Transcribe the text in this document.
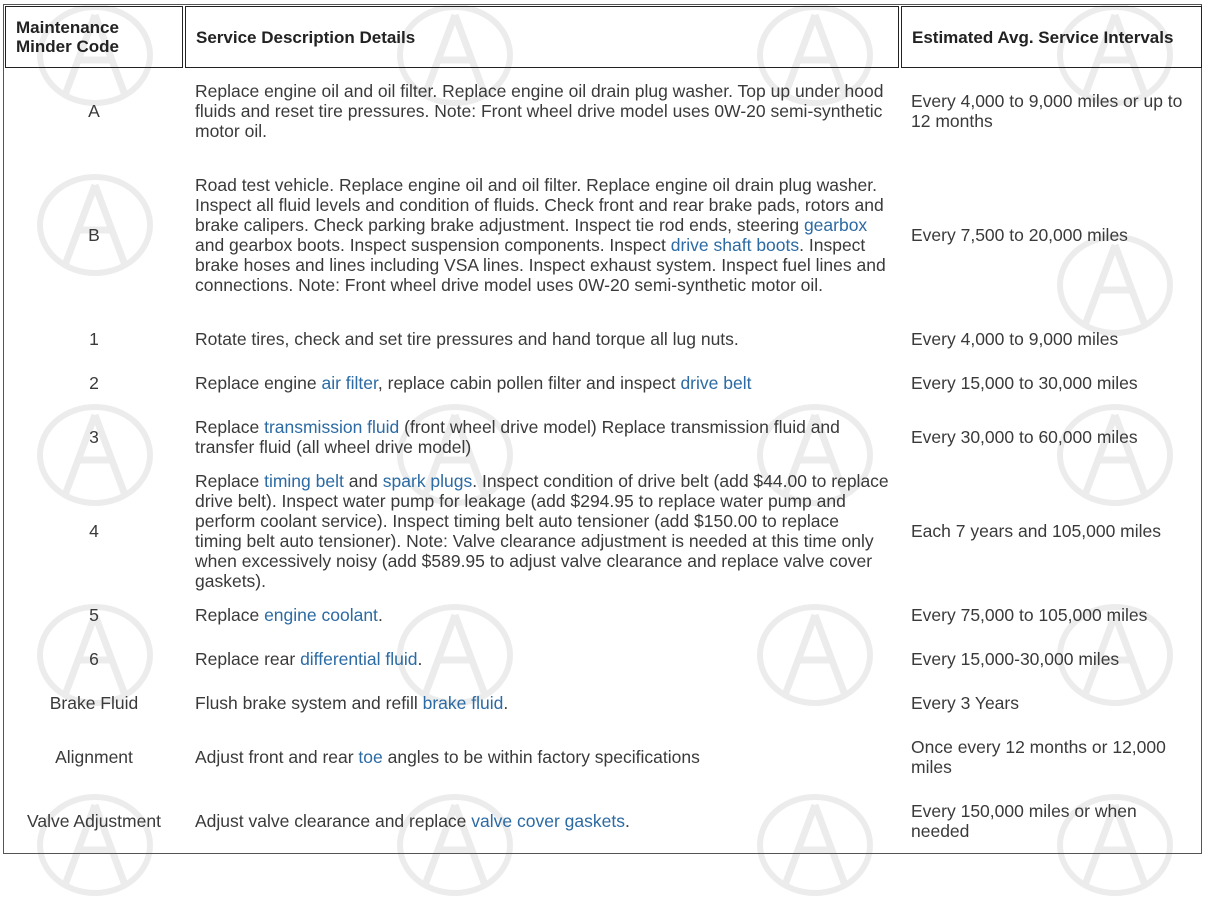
Maintenance Minder Code	Service Description Details	Estimated Avg. Service Intervals
A	Replace engine oil and oil filter. Replace engine oil drain plug washer. Top up under hood fluids and reset tire pressures. Note: Front wheel drive model uses 0W-20 semi-synthetic motor oil.	Every 4,000 to 9,000 miles or up to 12 months
B	Road test vehicle. Replace engine oil and oil filter. Replace engine oil drain plug washer. Inspect all fluid levels and condition of fluids. Check front and rear brake pads, rotors and brake calipers. Check parking brake adjustment. Inspect tie rod ends, steering gearbox and gearbox boots. Inspect suspension components. Inspect drive shaft boots. Inspect brake hoses and lines including VSA lines. Inspect exhaust system. Inspect fuel lines and connections. Note: Front wheel drive model uses 0W-20 semi-synthetic motor oil.	Every 7,500 to 20,000 miles
1	Rotate tires, check and set tire pressures and hand torque all lug nuts.	Every 4,000 to 9,000 miles
2	Replace engine air filter, replace cabin pollen filter and inspect drive belt	Every 15,000 to 30,000 miles
3	Replace transmission fluid (front wheel drive model) Replace transmission fluid and transfer fluid (all wheel drive model)	Every 30,000 to 60,000 miles
4	Replace timing belt and spark plugs. Inspect condition of drive belt (add $44.00 to replace drive belt). Inspect water pump for leakage (add $294.95 to replace water pump and perform coolant service). Inspect timing belt auto tensioner (add $150.00 to replace timing belt auto tensioner). Note: Valve clearance adjustment is needed at this time only when excessively noisy (add $589.95 to adjust valve clearance and replace valve cover gaskets).	Each 7 years and 105,000 miles
5	Replace engine coolant.	Every 75,000 to 105,000 miles
6	Replace rear differential fluid.	Every 15,000-30,000 miles
Brake Fluid	Flush brake system and refill brake fluid.	Every 3 Years
Alignment	Adjust front and rear toe angles to be within factory specifications	Once every 12 months or 12,000 miles
Valve Adjustment	Adjust valve clearance and replace valve cover gaskets.	Every 150,000 miles or when needed
